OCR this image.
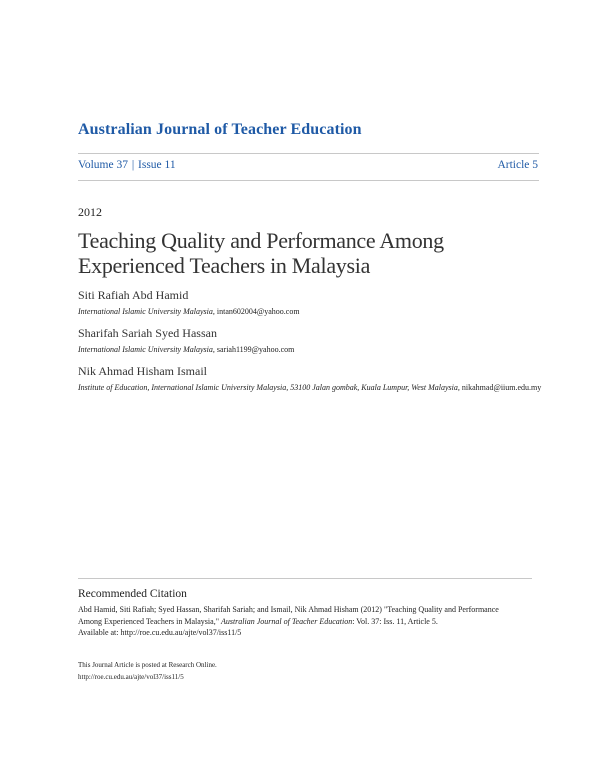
Australian Journal of Teacher Education
Volume 37 | Issue 11	Article 5
2012
Teaching Quality and Performance Among Experienced Teachers in Malaysia
Siti Rafiah Abd Hamid
International Islamic University Malaysia, intan602004@yahoo.com
Sharifah Sariah Syed Hassan
International Islamic University Malaysia, sariah1199@yahoo.com
Nik Ahmad Hisham Ismail
Institute of Education, International Islamic University Malaysia, 53100 Jalan gombak, Kuala Lumpur, West Malaysia, nikahmad@iium.edu.my
Recommended Citation
Abd Hamid, Siti Rafiah; Syed Hassan, Sharifah Sariah; and Ismail, Nik Ahmad Hisham (2012) "Teaching Quality and Performance
Among Experienced Teachers in Malaysia," Australian Journal of Teacher Education: Vol. 37: Iss. 11, Article 5.
Available at: http://roe.cu.edu.au/ajte/vol37/iss11/5
This Journal Article is posted at Research Online.
http://roe.cu.edu.au/ajte/vol37/iss11/5
